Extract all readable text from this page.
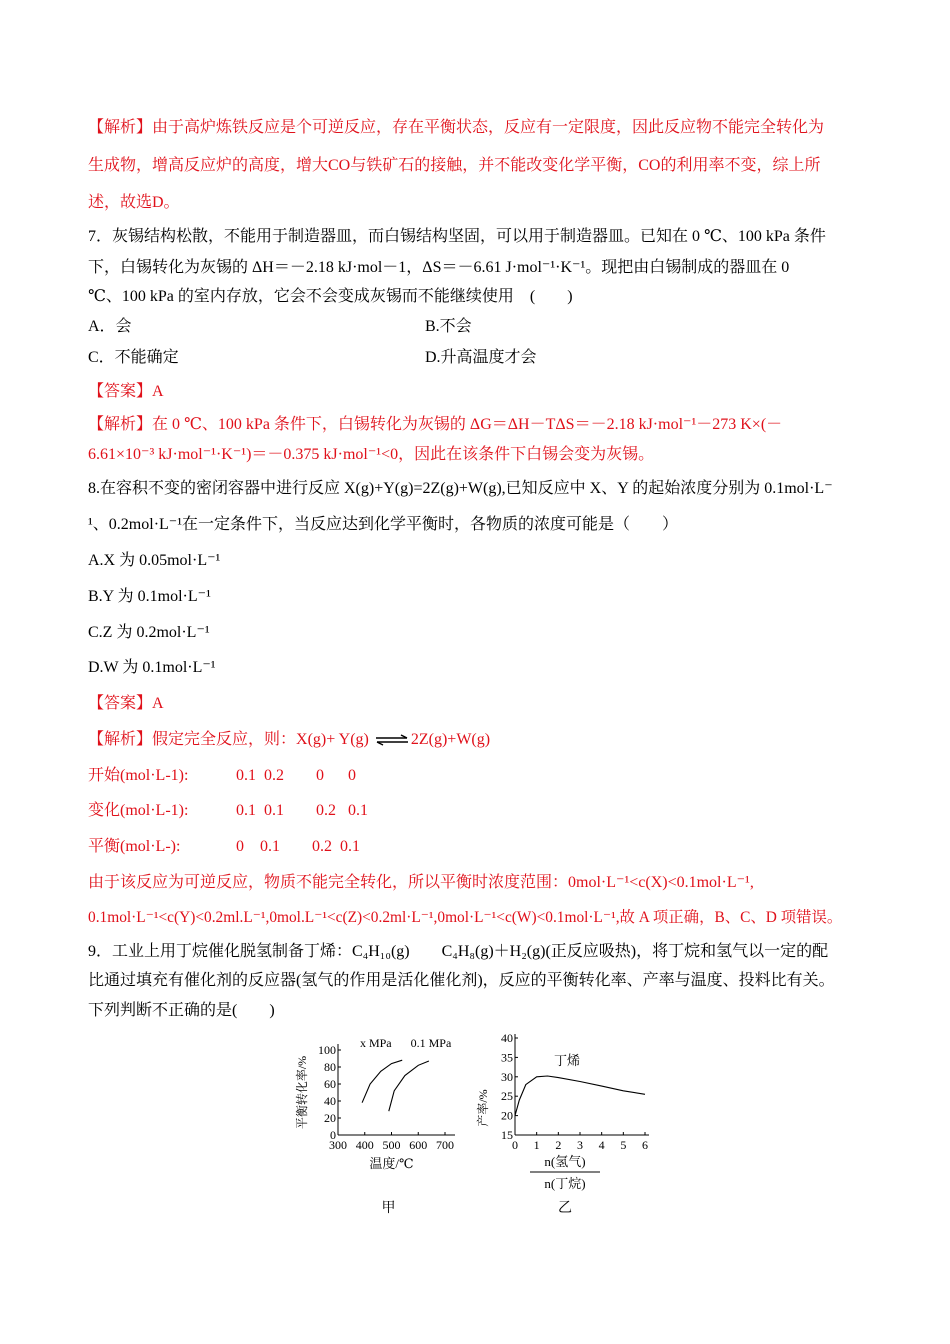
【解析】由于高炉炼铁反应是个可逆反应，存在平衡状态，反应有一定限度，因此反应物不能完全转化为
生成物，增高反应炉的高度，增大CO与铁矿石的接触，并不能改变化学平衡，CO的利用率不变，综上所
述，故选D。
7．灰锡结构松散，不能用于制造器皿，而白锡结构坚固，可以用于制造器皿。已知在 0 ℃、100 kPa 条件
下，白锡转化为灰锡的 ΔH＝－2.18 kJ·mol－1，ΔS＝－6.61 J·mol⁻¹·K⁻¹。现把由白锡制成的器皿在 0
℃、100 kPa 的室内存放，它会不会变成灰锡而不能继续使用　(　　)
A．会	B.不会
C．不能确定	D.升高温度才会
【答案】A
【解析】在 0 ℃、100 kPa 条件下，白锡转化为灰锡的 ΔG＝ΔH－TΔS＝－2.18 kJ·mol⁻¹－273 K×(－
6.61×10⁻³ kJ·mol⁻¹·K⁻¹)＝－0.375 kJ·mol⁻¹<0，因此在该条件下白锡会变为灰锡。
8.在容积不变的密闭容器中进行反应 X(g)+Y(g)=2Z(g)+W(g),已知反应中 X、Y 的起始浓度分别为 0.1mol·L⁻
¹、0.2mol·L⁻¹在一定条件下，当反应达到化学平衡时，各物质的浓度可能是（　　）
A.X 为 0.05mol·L⁻¹
B.Y 为 0.1mol·L⁻¹
C.Z 为 0.2mol·L⁻¹
D.W 为 0.1mol·L⁻¹
【答案】A
【解析】假定完全反应，则：X(g)+ Y(g) ⇌ 2Z(g)+W(g)
开始(mol·L-1):	0.1  0.2        0      0
变化(mol·L-1):	0.1  0.1        0.2   0.1
平衡(mol·L-):	0    0.1        0.2  0.1
由于该反应为可逆反应，物质不能完全转化，所以平衡时浓度范围：0mol·L⁻¹<c(X)<0.1mol·L⁻¹,
0.1mol·L⁻¹<c(Y)<0.2ml.L⁻¹,0mol.L⁻¹<c(Z)<0.2ml·L⁻¹,0mol·L⁻¹<c(W)<0.1mol·L⁻¹,故 A 项正确，B、C、D 项错误。
9．工业上用丁烷催化脱氢制备丁烯：C₄H₁₀(g)　　C₄H₈(g)＋H₂(g)(正反应吸热)，将丁烷和氢气以一定的配
比通过填充有催化剂的反应器(氢气的作用是活化催化剂)，反应的平衡转化率、产率与温度、投料比有关。
下列判断不正确的是(　　)
300 400 500 600 700
0
20
40
60
80
100
温度/℃
平衡转化率/%
x MPa 0.1 MPa
甲
0 1 2 3 4 5 6
15
20
25
30
35
40
产率/%
n(氢气)
n(丁烷)
丁烯
乙
